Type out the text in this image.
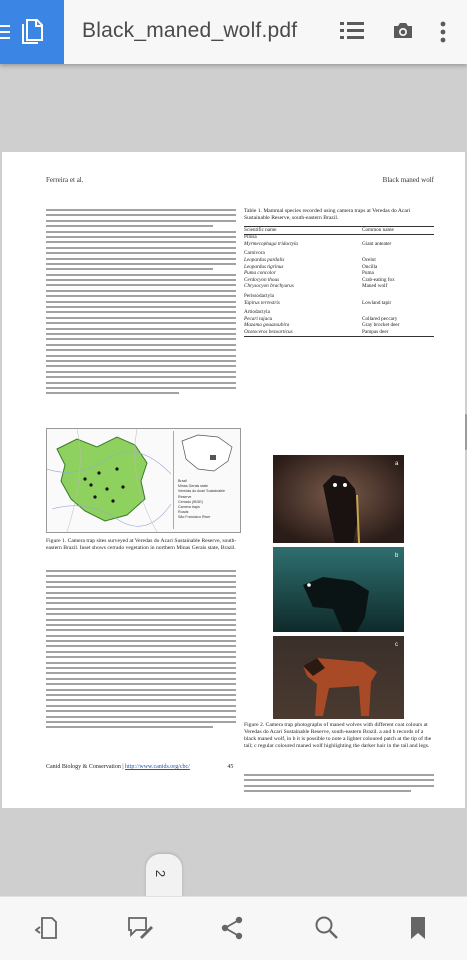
Black_maned_wolf.pdf
Ferreira et al.	Black maned wolf
Brazil
Minas Gerais state
Veredas do Acari Sustainable Reserve
Cerrado (IBGE)
Camera traps
Roads
São Francisco River
Figure 1. Camera trap sites surveyed at Veredas do Acari Sustainable Reserve, south-eastern Brazil. Inset shows cerrado vegetation in northern Minas Gerais state, Brazil.
Table 1. Mammal species recorded using camera traps at Veredas do Acari Sustainable Reserve, south-eastern Brazil.
Scientific name	Common name
Pilosa
Myrmecophaga tridactyla	Giant anteater
Carnivora
Leopardus pardalis	Ocelot
Leopardus tigrinus	Oncilla
Puma concolor	Puma
Cerdocyon thous	Crab-eating fox
Chrysocyon brachyurus	Maned wolf
Perissodactyla
Tapirus terrestris	Lowland tapir
Artiodactyla
Pecari tajacu	Collared peccary
Mazama gouazoubira	Gray brocket deer
Ozotoceros bezoarticus	Pampas deer
a
b
c
Figure 2. Camera trap photographs of maned wolves with different coat colours at Veredas do Acari Sustainable Reserve, south-eastern Brazil. a and b records of a black maned wolf, in b it is possible to note a lighter coloured patch at the tip of the tail; c regular coloured maned wolf highlighting the darker hair in the tail and legs.
Canid Biology & Conservation | http://www.canids.org/cbc/	45
2
